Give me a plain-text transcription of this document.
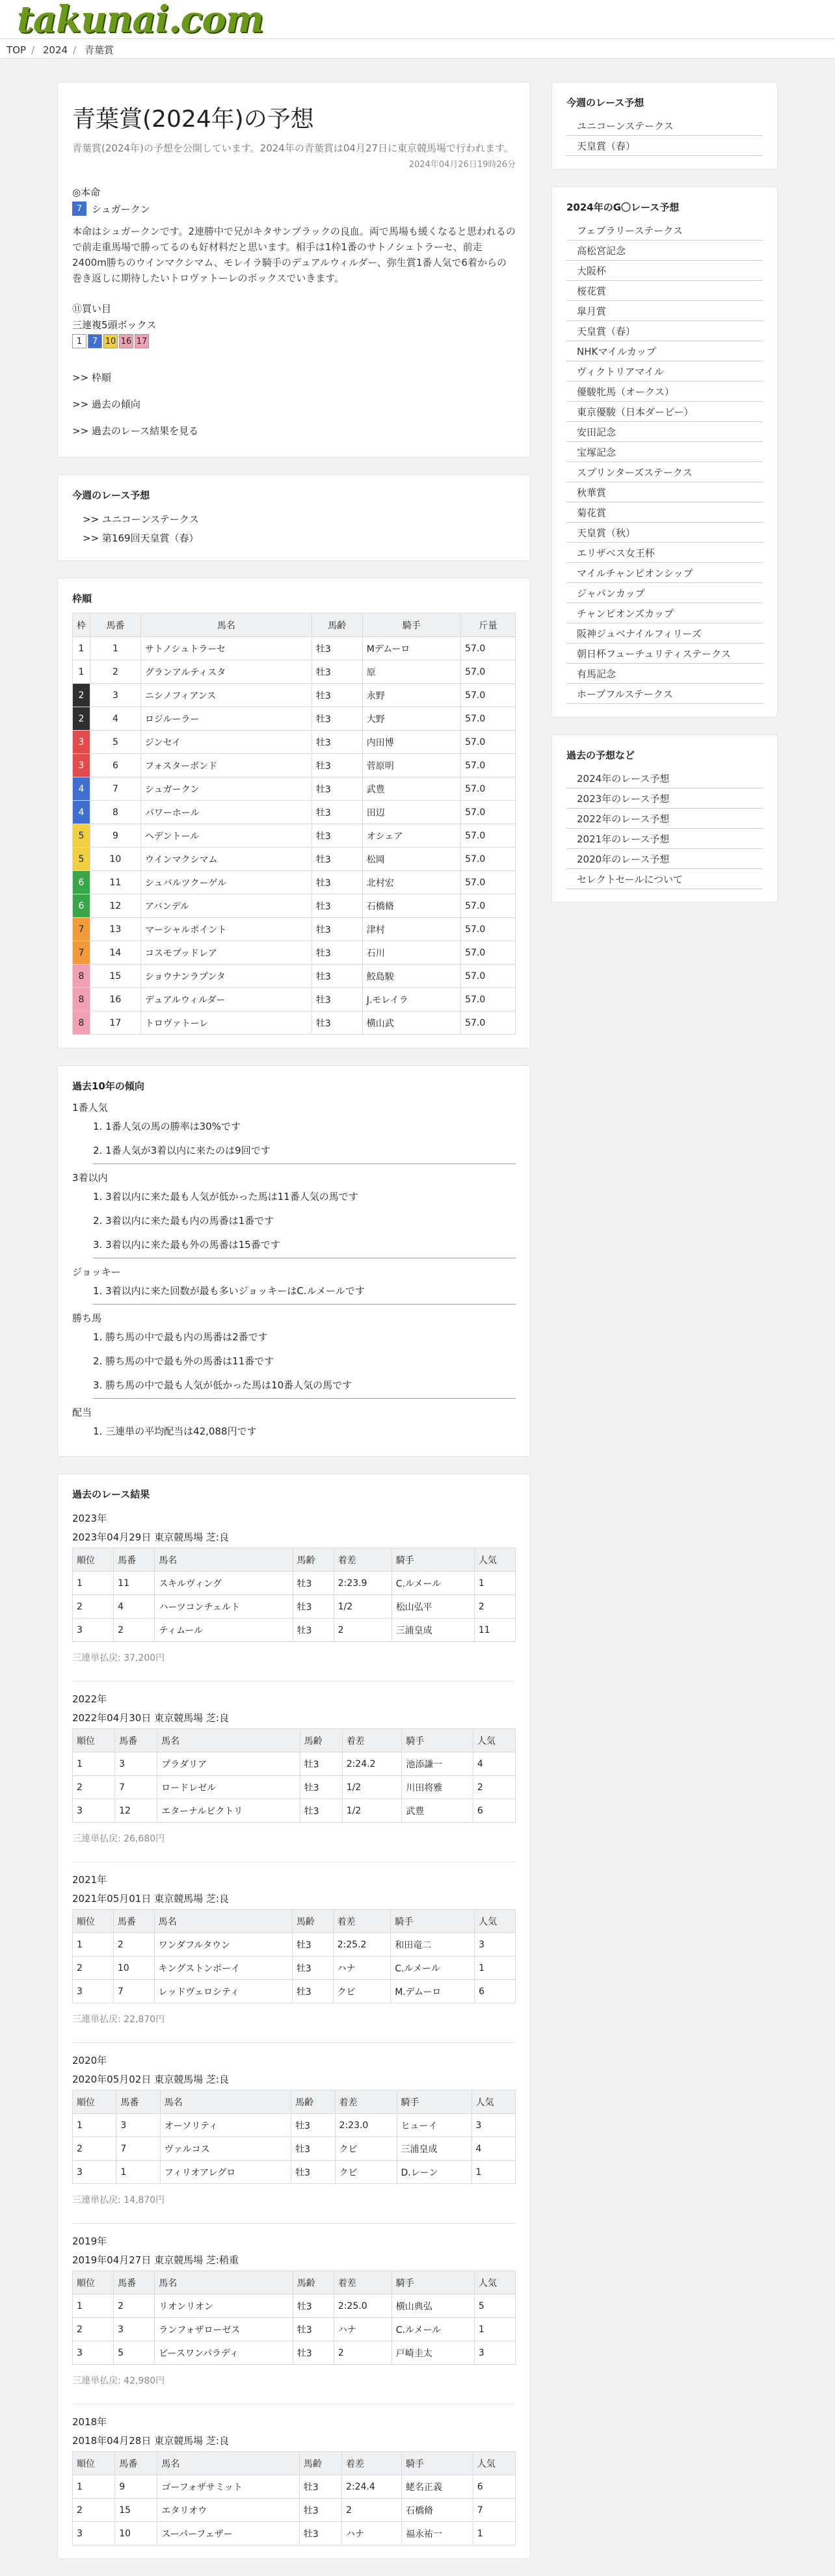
takunai.com
TOP / 2024 / 青葉賞
青葉賞(2024年)の予想
青葉賞(2024年)の予想を公開しています。2024年の青葉賞は04月27日に東京競馬場で行われます。
2024年04月26日19時26分
◎本命
7 シュガークン
本命はシュガークンです。2連勝中で兄がキタサンブラックの良血。両で馬場も緩くなると思われるので前走重馬場で勝ってるのも好材料だと思います。相手は1枠1番のサトノシュトラーセ、前走2400m勝ちのウインマクシマム、モレイラ騎手のデュアルウィルダー、弥生賞1番人気で6着からの巻き返しに期待したいトロヴァトーレのボックスでいきます。
⑪買い目
三連複5頭ボックス
1 7 10 16 17
>> 枠順
>> 過去の傾向
>> 過去のレース結果を見る
今週のレース予想
>> ユニコーンステークス
>> 第169回天皇賞（春）
枠順
枠	馬番	馬名	馬齢	騎手	斤量
1	1	サトノシュトラーセ	牡3	Mデムーロ	57.0
1	2	グランアルティスタ	牡3	原	57.0
2	3	ニシノフィアンス	牡3	永野	57.0
2	4	ロジルーラー	牡3	大野	57.0
3	5	ジンセイ	牡3	内田博	57.0
3	6	フォスターボンド	牡3	菅原明	57.0
4	7	シュガークン	牡3	武豊	57.0
4	8	パワーホール	牡3	田辺	57.0
5	9	ヘデントール	牡3	オシェア	57.0
5	10	ウインマクシマム	牡3	松岡	57.0
6	11	シュバルツクーゲル	牡3	北村宏	57.0
6	12	アバンデル	牡3	石橋脩	57.0
7	13	マーシャルポイント	牡3	津村	57.0
7	14	コスモブッドレア	牡3	石川	57.0
8	15	ショウナンラプンタ	牡3	鮫島駿	57.0
8	16	デュアルウィルダー	牡3	J.モレイラ	57.0
8	17	トロヴァトーレ	牡3	横山武	57.0
過去10年の傾向
1番人気
1. 1番人気の馬の勝率は30%です
2. 1番人気が3着以内に来たのは9回です
3着以内
1. 3着以内に来た最も人気が低かった馬は11番人気の馬です
2. 3着以内に来た最も内の馬番は1番です
3. 3着以内に来た最も外の馬番は15番です
ジョッキー
1. 3着以内に来た回数が最も多いジョッキーはC.ルメールです
勝ち馬
1. 勝ち馬の中で最も内の馬番は2番です
2. 勝ち馬の中で最も外の馬番は11番です
3. 勝ち馬の中で最も人気が低かった馬は10番人気の馬です
配当
1. 三連単の平均配当は42,088円です
過去のレース結果
2023年
2023年04月29日 東京競馬場 芝:良
順位	馬番	馬名	馬齢	着差	騎手	人気
1	11	スキルヴィング	牡3	2:23.9	C.ルメール	1
2	4	ハーツコンチェルト	牡3	1/2	松山弘平	2
3	2	ティムール	牡3	2	三浦皇成	11
三連単払戻: 37,200円
2022年
2022年04月30日 東京競馬場 芝:良
順位	馬番	馬名	馬齢	着差	騎手	人気
1	3	プラダリア	牡3	2:24.2	池添謙一	4
2	7	ロードレゼル	牡3	1/2	川田将雅	2
3	12	エターナルビクトリ	牡3	1/2	武豊	6
三連単払戻: 26,680円
2021年
2021年05月01日 東京競馬場 芝:良
順位	馬番	馬名	馬齢	着差	騎手	人気
1	2	ワンダフルタウン	牡3	2:25.2	和田竜二	3
2	10	キングストンボーイ	牡3	ハナ	C.ルメール	1
3	7	レッドヴェロシティ	牡3	クビ	M.デムーロ	6
三連単払戻: 22,870円
2020年
2020年05月02日 東京競馬場 芝:良
順位	馬番	馬名	馬齢	着差	騎手	人気
1	3	オーソリティ	牡3	2:23.0	ヒューイ	3
2	7	ヴァルコス	牡3	クビ	三浦皇成	4
3	1	フィリオアレグロ	牡3	クビ	D.レーン	1
三連単払戻: 14,870円
2019年
2019年04月27日 東京競馬場 芝:稍重
順位	馬番	馬名	馬齢	着差	騎手	人気
1	2	リオンリオン	牡3	2:25.0	横山典弘	5
2	3	ランフォザローゼス	牡3	ハナ	C.ルメール	1
3	5	ピースワンパラディ	牡3	2	戸崎圭太	3
三連単払戻: 42,980円
2018年
2018年04月28日 東京競馬場 芝:良
順位	馬番	馬名	馬齢	着差	騎手	人気
1	9	ゴーフォザサミット	牡3	2:24.4	蛯名正義	6
2	15	エタリオウ	牡3	2	石橋脩	7
3	10	スーパーフェザー	牡3	ハナ	福永祐一	1
今週のレース予想
ユニコーンステークス
天皇賞（春）
2024年のG〇レース予想
フェブラリーステークス
高松宮記念
大阪杯
桜花賞
皐月賞
天皇賞（春）
NHKマイルカップ
ヴィクトリアマイル
優駿牝馬（オークス）
東京優駿（日本ダービー）
安田記念
宝塚記念
スプリンターズステークス
秋華賞
菊花賞
天皇賞（秋）
エリザベス女王杯
マイルチャンピオンシップ
ジャパンカップ
チャンピオンズカップ
阪神ジュベナイルフィリーズ
朝日杯フューチュリティステークス
有馬記念
ホープフルステークス
過去の予想など
2024年のレース予想
2023年のレース予想
2022年のレース予想
2021年のレース予想
2020年のレース予想
セレクトセールについて
